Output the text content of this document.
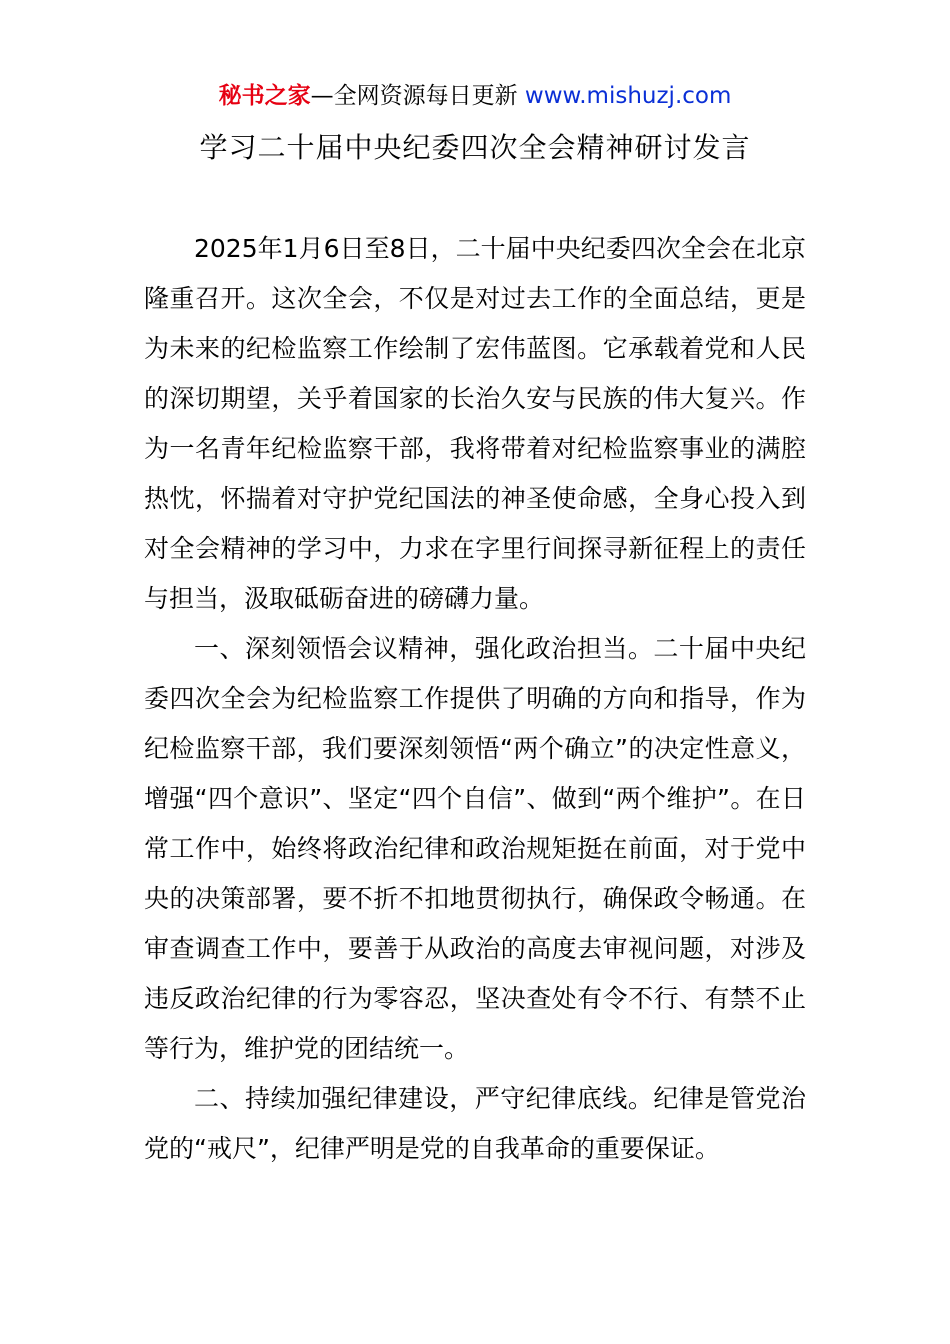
秘书之家—全网资源每日更新 www.mishuzj.com
学习二十届中央纪委四次全会精神研讨发言

2025年1月6日至8日，二十届中央纪委四次全会在北京隆重召开。这次全会，不仅是对过去工作的全面总结，更是为未来的纪检监察工作绘制了宏伟蓝图。它承载着党和人民的深切期望，关乎着国家的长治久安与民族的伟大复兴。作为一名青年纪检监察干部，我将带着对纪检监察事业的满腔热忱，怀揣着对守护党纪国法的神圣使命感，全身心投入到对全会精神的学习中，力求在字里行间探寻新征程上的责任与担当，汲取砥砺奋进的磅礴力量。

一、深刻领悟会议精神，强化政治担当。二十届中央纪委四次全会为纪检监察工作提供了明确的方向和指导，作为纪检监察干部，我们要深刻领悟“两个确立”的决定性意义，增强“四个意识”、坚定“四个自信”、做到“两个维护”。在日常工作中，始终将政治纪律和政治规矩挺在前面，对于党中央的决策部署，要不折不扣地贯彻执行，确保政令畅通。在审查调查工作中，要善于从政治的高度去审视问题，对涉及违反政治纪律的行为零容忍，坚决查处有令不行、有禁不止等行为，维护党的团结统一。

二、持续加强纪律建设，严守纪律底线。纪律是管党治党的“戒尺”，纪律严明是党的自我革命的重要保证。
